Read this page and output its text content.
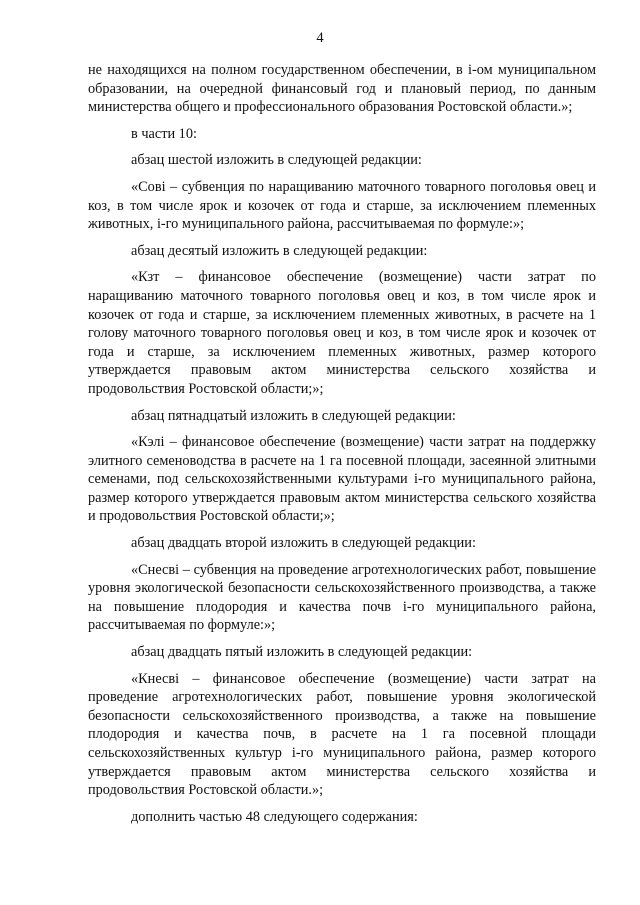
4

не находящихся на полном государственном обеспечении, в i-ом муниципальном образовании, на очередной финансовый год и плановый период, по данным министерства общего и профессионального образования Ростовской области.»;

в части 10:

абзац шестой изложить в следующей редакции:

«Совi – субвенция по наращиванию маточного товарного поголовья овец и коз, в том числе ярок и козочек от года и старше, за исключением племенных животных, i-го муниципального района, рассчитываемая по формуле:»;

абзац десятый изложить в следующей редакции:

«Кзт – финансовое обеспечение (возмещение) части затрат по наращиванию маточного товарного поголовья овец и коз, в том числе ярок и козочек от года и старше, за исключением племенных животных, в расчете на 1 голову маточного товарного поголовья овец и коз, в том числе ярок и козочек от года и старше, за исключением племенных животных, размер которого утверждается правовым актом министерства сельского хозяйства и продовольствия Ростовской области;»;

абзац пятнадцатый изложить в следующей редакции:

«Кэлi – финансовое обеспечение (возмещение) части затрат на поддержку элитного семеноводства в расчете на 1 га посевной площади, засеянной элитными семенами, под сельскохозяйственными культурами i-го муниципального района, размер которого утверждается правовым актом министерства сельского хозяйства и продовольствия Ростовской области;»;

абзац двадцать второй изложить в следующей редакции:

«Снесвi – субвенция на проведение агротехнологических работ, повышение уровня экологической безопасности сельскохозяйственного производства, а также на повышение плодородия и качества почв i-го муниципального района, рассчитываемая по формуле:»;

абзац двадцать пятый изложить в следующей редакции:

«Кнесвi – финансовое обеспечение (возмещение) части затрат на проведение агротехнологических работ, повышение уровня экологической безопасности сельскохозяйственного производства, а также на повышение плодородия и качества почв, в расчете на 1 га посевной площади сельскохозяйственных культур i-го муниципального района, размер которого утверждается правовым актом министерства сельского хозяйства и продовольствия Ростовской области.»;

дополнить частью 48 следующего содержания:
